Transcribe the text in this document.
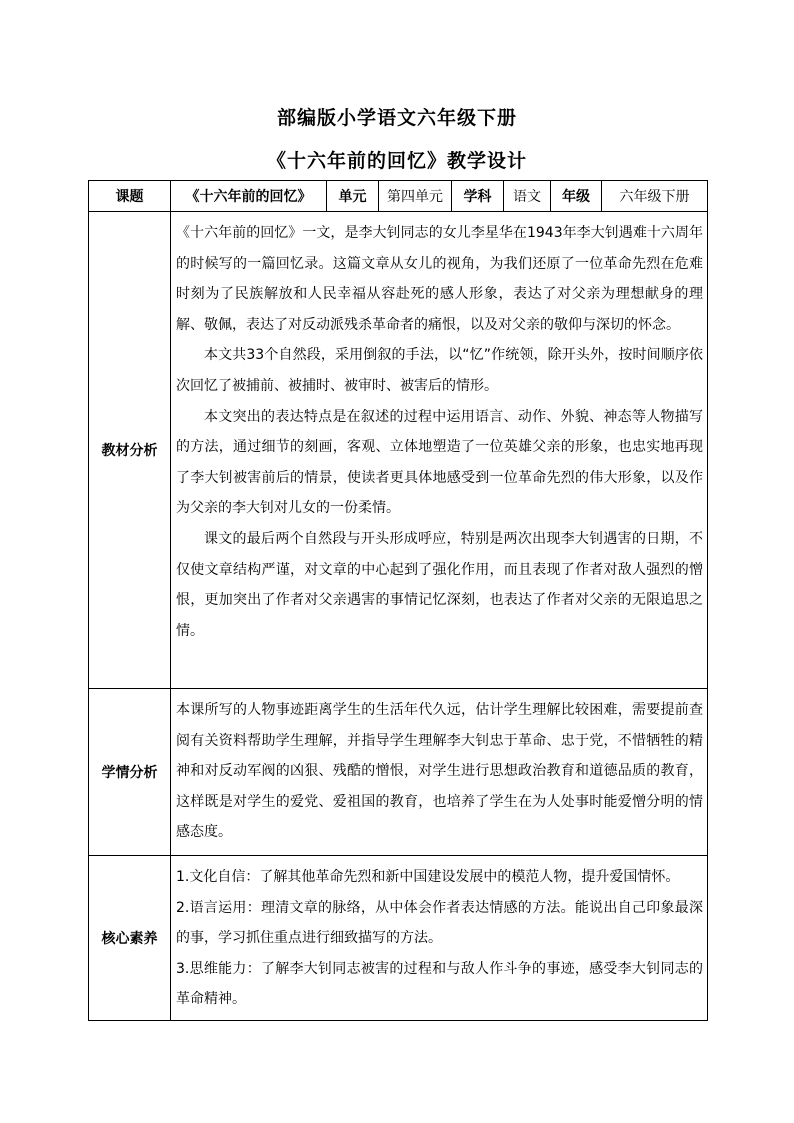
部编版小学语文六年级下册
《十六年前的回忆》教学设计
课题	《十六年前的回忆》	单元	第四单元	学科	语文	年级	六年级下册
教材分析	《十六年前的回忆》一文，是李大钊同志的女儿李星华在1943年李大钊遇难十六周年的时候写的一篇回忆录。这篇文章从女儿的视角，为我们还原了一位革命先烈在危难时刻为了民族解放和人民幸福从容赴死的感人形象，表达了对父亲为理想献身的理解、敬佩，表达了对反动派残杀革命者的痛恨，以及对父亲的敬仰与深切的怀念。

本文共33个自然段，采用倒叙的手法，以“忆”作统领，除开头外，按时间顺序依次回忆了被捕前、被捕时、被审时、被害后的情形。

本文突出的表达特点是在叙述的过程中运用语言、动作、外貌、神态等人物描写的方法，通过细节的刻画，客观、立体地塑造了一位英雄父亲的形象，也忠实地再现了李大钊被害前后的情景，使读者更具体地感受到一位革命先烈的伟大形象，以及作为父亲的李大钊对儿女的一份柔情。

课文的最后两个自然段与开头形成呼应，特别是两次出现李大钊遇害的日期，不仅使文章结构严谨，对文章的中心起到了强化作用，而且表现了作者对敌人强烈的憎恨，更加突出了作者对父亲遇害的事情记忆深刻，也表达了作者对父亲的无限追思之情。						

学情分析	本课所写的人物事迹距离学生的生活年代久远，估计学生理解比较困难，需要提前查阅有关资料帮助学生理解，并指导学生理解李大钊忠于革命、忠于党，不惜牺牲的精神和对反动军阀的凶狠、残酷的憎恨，对学生进行思想政治教育和道德品质的教育，这样既是对学生的爱党、爱祖国的教育，也培养了学生在为人处事时能爱憎分明的情感态度。						

核心素养	1.文化自信：了解其他革命先烈和新中国建设发展中的模范人物，提升爱国情怀。

2.语言运用：理清文章的脉络，从中体会作者表达情感的方法。能说出自己印象最深的事，学习抓住重点进行细致描写的方法。

3.思维能力：了解李大钊同志被害的过程和与敌人作斗争的事迹，感受李大钊同志的革命精神。						
